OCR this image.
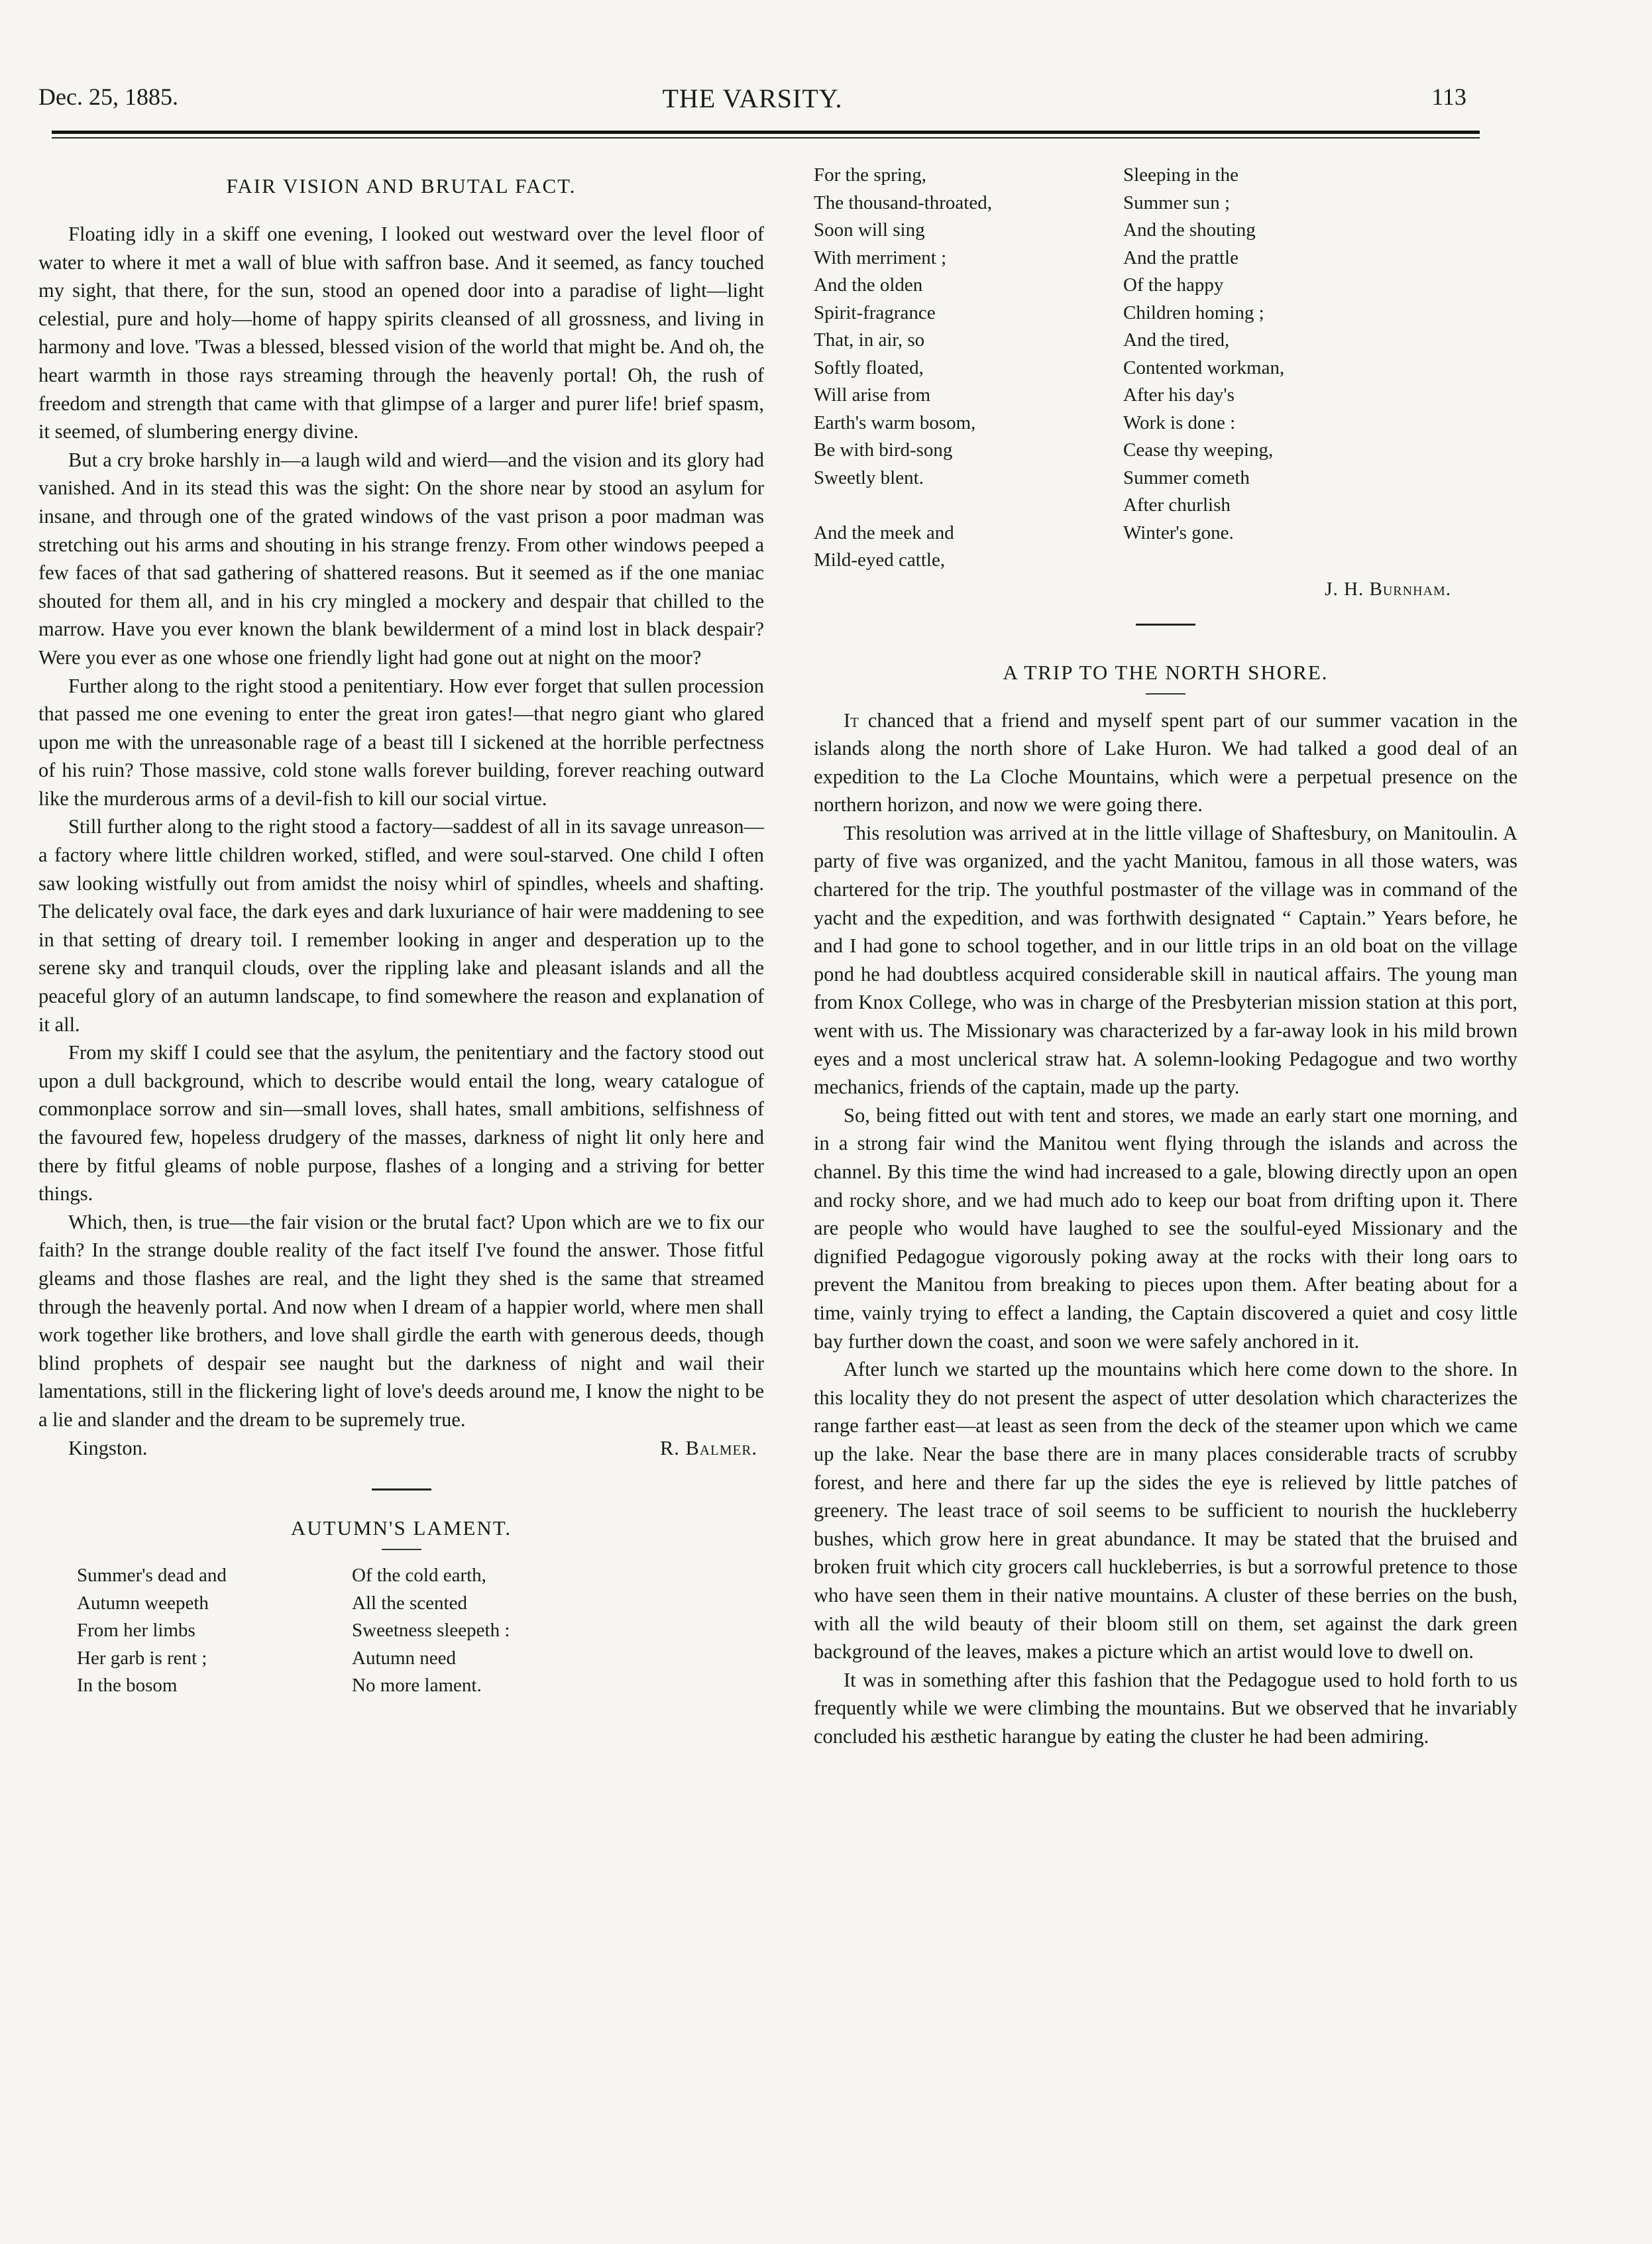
Dec. 25, 1885.	THE VARSITY.	113
FAIR VISION AND BRUTAL FACT.

Floating idly in a skiff one evening, I looked out westward over the level floor of water to where it met a wall of blue with saffron base. And it seemed, as fancy touched my sight, that there, for the sun, stood an opened door into a paradise of light—light celestial, pure and holy—home of happy spirits cleansed of all grossness, and living in harmony and love. 'Twas a blessed, blessed vision of the world that might be. And oh, the heart warmth in those rays streaming through the heavenly portal! Oh, the rush of freedom and strength that came with that glimpse of a larger and purer life! brief spasm, it seemed, of slumbering energy divine.

But a cry broke harshly in—a laugh wild and wierd—and the vision and its glory had vanished. And in its stead this was the sight: On the shore near by stood an asylum for insane, and through one of the grated windows of the vast prison a poor madman was stretching out his arms and shouting in his strange frenzy. From other windows peeped a few faces of that sad gathering of shattered reasons. But it seemed as if the one maniac shouted for them all, and in his cry mingled a mockery and despair that chilled to the marrow. Have you ever known the blank bewilderment of a mind lost in black despair? Were you ever as one whose one friendly light had gone out at night on the moor?

Further along to the right stood a penitentiary. How ever forget that sullen procession that passed me one evening to enter the great iron gates!—that negro giant who glared upon me with the unreasonable rage of a beast till I sickened at the horrible perfectness of his ruin? Those massive, cold stone walls forever building, forever reaching outward like the murderous arms of a devil-fish to kill our social virtue.

Still further along to the right stood a factory—saddest of all in its savage unreason—a factory where little children worked, stifled, and were soul-starved. One child I often saw looking wistfully out from amidst the noisy whirl of spindles, wheels and shafting. The delicately oval face, the dark eyes and dark luxuriance of hair were maddening to see in that setting of dreary toil. I remember looking in anger and desperation up to the serene sky and tranquil clouds, over the rippling lake and pleasant islands and all the peaceful glory of an autumn landscape, to find somewhere the reason and explanation of it all.

From my skiff I could see that the asylum, the penitentiary and the factory stood out upon a dull background, which to describe would entail the long, weary catalogue of commonplace sorrow and sin—small loves, shall hates, small ambitions, selfishness of the favoured few, hopeless drudgery of the masses, darkness of night lit only here and there by fitful gleams of noble purpose, flashes of a longing and a striving for better things.

Which, then, is true—the fair vision or the brutal fact? Upon which are we to fix our faith? In the strange double reality of the fact itself I've found the answer. Those fitful gleams and those flashes are real, and the light they shed is the same that streamed through the heavenly portal. And now when I dream of a happier world, where men shall work together like brothers, and love shall girdle the earth with generous deeds, though blind prophets of despair see naught but the darkness of night and wail their lamentations, still in the flickering light of love's deeds around me, I know the night to be a lie and slander and the dream to be supremely true.

Kingston.	R. Balmer.
AUTUMN'S LAMENT.
Summer's dead and
Autumn weepeth
From her limbs
Her garb is rent ;
In the bosom
Of the cold earth,
All the scented
Sweetness sleepeth :
Autumn need
No more lament.
For the spring,
The thousand-throated,
Soon will sing
With merriment ;
And the olden
Spirit-fragrance
That, in air, so
Softly floated,
Will arise from
Earth's warm bosom,
Be with bird-song
Sweetly blent.
And the meek and
Mild-eyed cattle,
Sleeping in the
Summer sun ;
And the shouting
And the prattle
Of the happy
Children homing ;
And the tired,
Contented workman,
After his day's
Work is done :
Cease thy weeping,
Summer cometh
After churlish
Winter's gone.
J. H. Burnham.
A TRIP TO THE NORTH SHORE.

It chanced that a friend and myself spent part of our summer vacation in the islands along the north shore of Lake Huron. We had talked a good deal of an expedition to the La Cloche Mountains, which were a perpetual presence on the northern horizon, and now we were going there.

This resolution was arrived at in the little village of Shaftesbury, on Manitoulin. A party of five was organized, and the yacht Manitou, famous in all those waters, was chartered for the trip. The youthful postmaster of the village was in command of the yacht and the expedition, and was forthwith designated “ Captain.” Years before, he and I had gone to school together, and in our little trips in an old boat on the village pond he had doubtless acquired considerable skill in nautical affairs. The young man from Knox College, who was in charge of the Presbyterian mission station at this port, went with us. The Missionary was characterized by a far-away look in his mild brown eyes and a most unclerical straw hat. A solemn-looking Pedagogue and two worthy mechanics, friends of the captain, made up the party.

So, being fitted out with tent and stores, we made an early start one morning, and in a strong fair wind the Manitou went flying through the islands and across the channel. By this time the wind had increased to a gale, blowing directly upon an open and rocky shore, and we had much ado to keep our boat from drifting upon it. There are people who would have laughed to see the soulful-eyed Missionary and the dignified Pedagogue vigorously poking away at the rocks with their long oars to prevent the Manitou from breaking to pieces upon them. After beating about for a time, vainly trying to effect a landing, the Captain discovered a quiet and cosy little bay further down the coast, and soon we were safely anchored in it.

After lunch we started up the mountains which here come down to the shore. In this locality they do not present the aspect of utter desolation which characterizes the range farther east—at least as seen from the deck of the steamer upon which we came up the lake. Near the base there are in many places considerable tracts of scrubby forest, and here and there far up the sides the eye is relieved by little patches of greenery. The least trace of soil seems to be sufficient to nourish the huckleberry bushes, which grow here in great abundance. It may be stated that the bruised and broken fruit which city grocers call huckleberries, is but a sorrowful pretence to those who have seen them in their native mountains. A cluster of these berries on the bush, with all the wild beauty of their bloom still on them, set against the dark green background of the leaves, makes a picture which an artist would love to dwell on.

It was in something after this fashion that the Pedagogue used to hold forth to us frequently while we were climbing the mountains. But we observed that he invariably concluded his æsthetic harangue by eating the cluster he had been admiring.
